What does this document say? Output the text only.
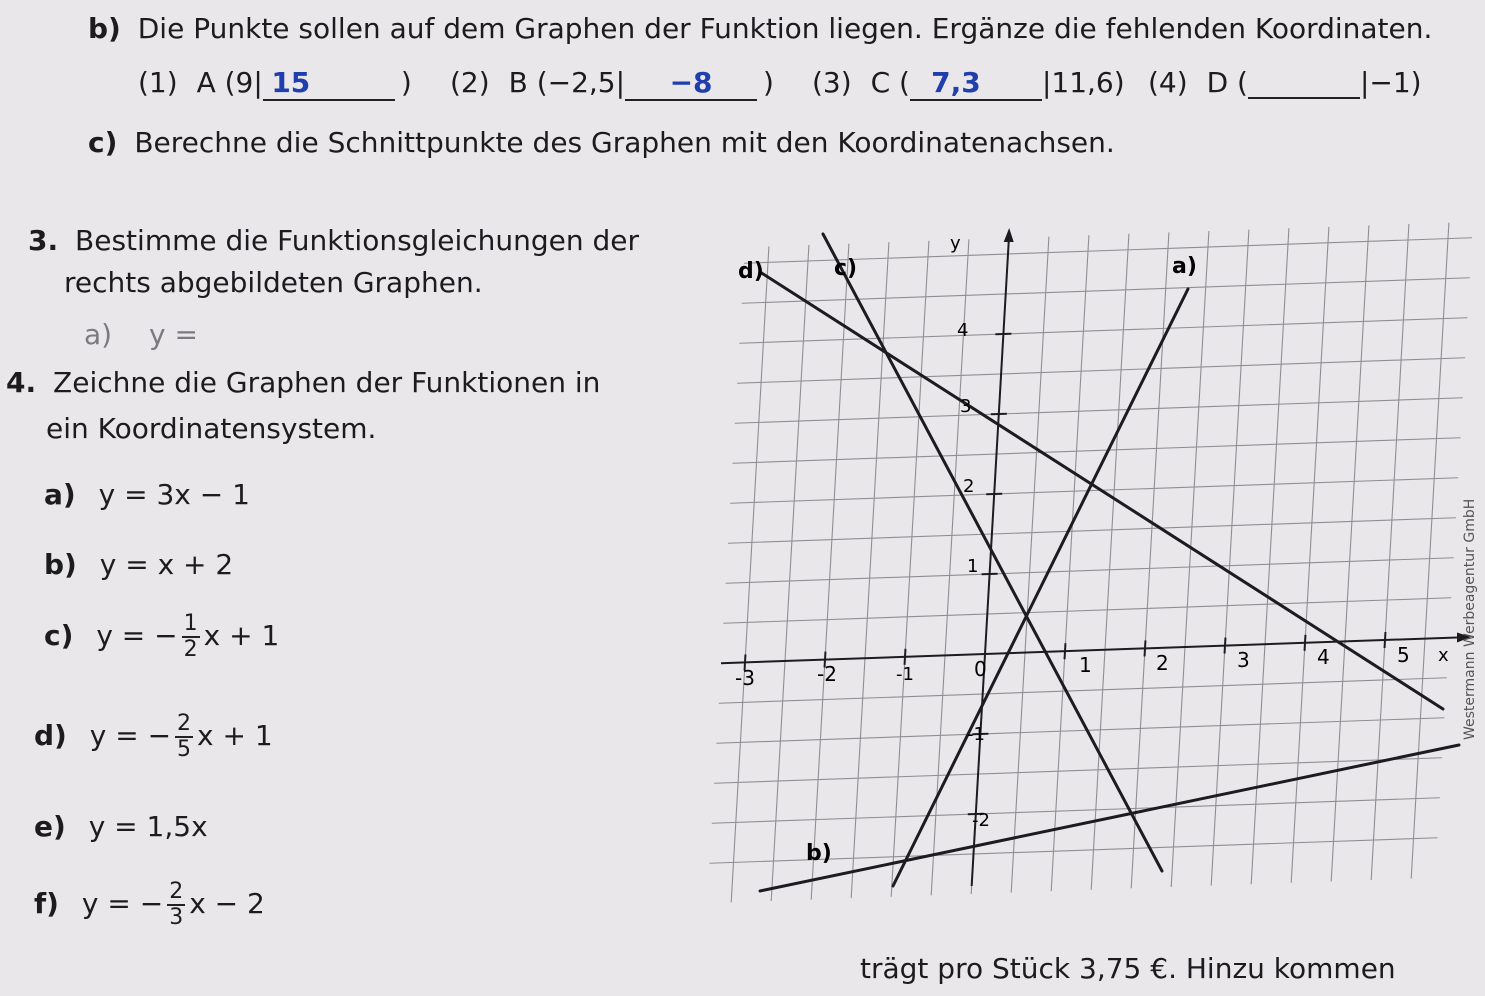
b) Die Punkte sollen auf dem Graphen der Funktion liegen. Ergänze die fehlenden Koordinaten.
(1) A (9| 15	) (2) B (−2,5| −8 ) (3) C ( 7,3 |11,6) (4) D (	|−1)
c) Berechne die Schnittpunkte des Graphen mit den Koordinatenachsen.
3. Bestimme die Funktionsgleichungen der
rechts abgebildeten Graphen.
a) y =
4. Zeichne die Graphen der Funktionen in
ein Koordinatensystem.
a) y = 3x − 1
b) y = x + 2
c) y = − $\frac{1}{2}$ x + 1
d) y = − $\frac{2}{5}$ x + 1
e) y = 1,5x
f) y = − $\frac{2}{3}$ x − 2
-3	-2	-1	0	1	2	3	4	5 x
4
3
2
1
-1
-2
y
a)
b)
c)
d)
Westermann Werbeagentur GmbH
trägt pro Stück 3,75 €. Hinzu kommen
